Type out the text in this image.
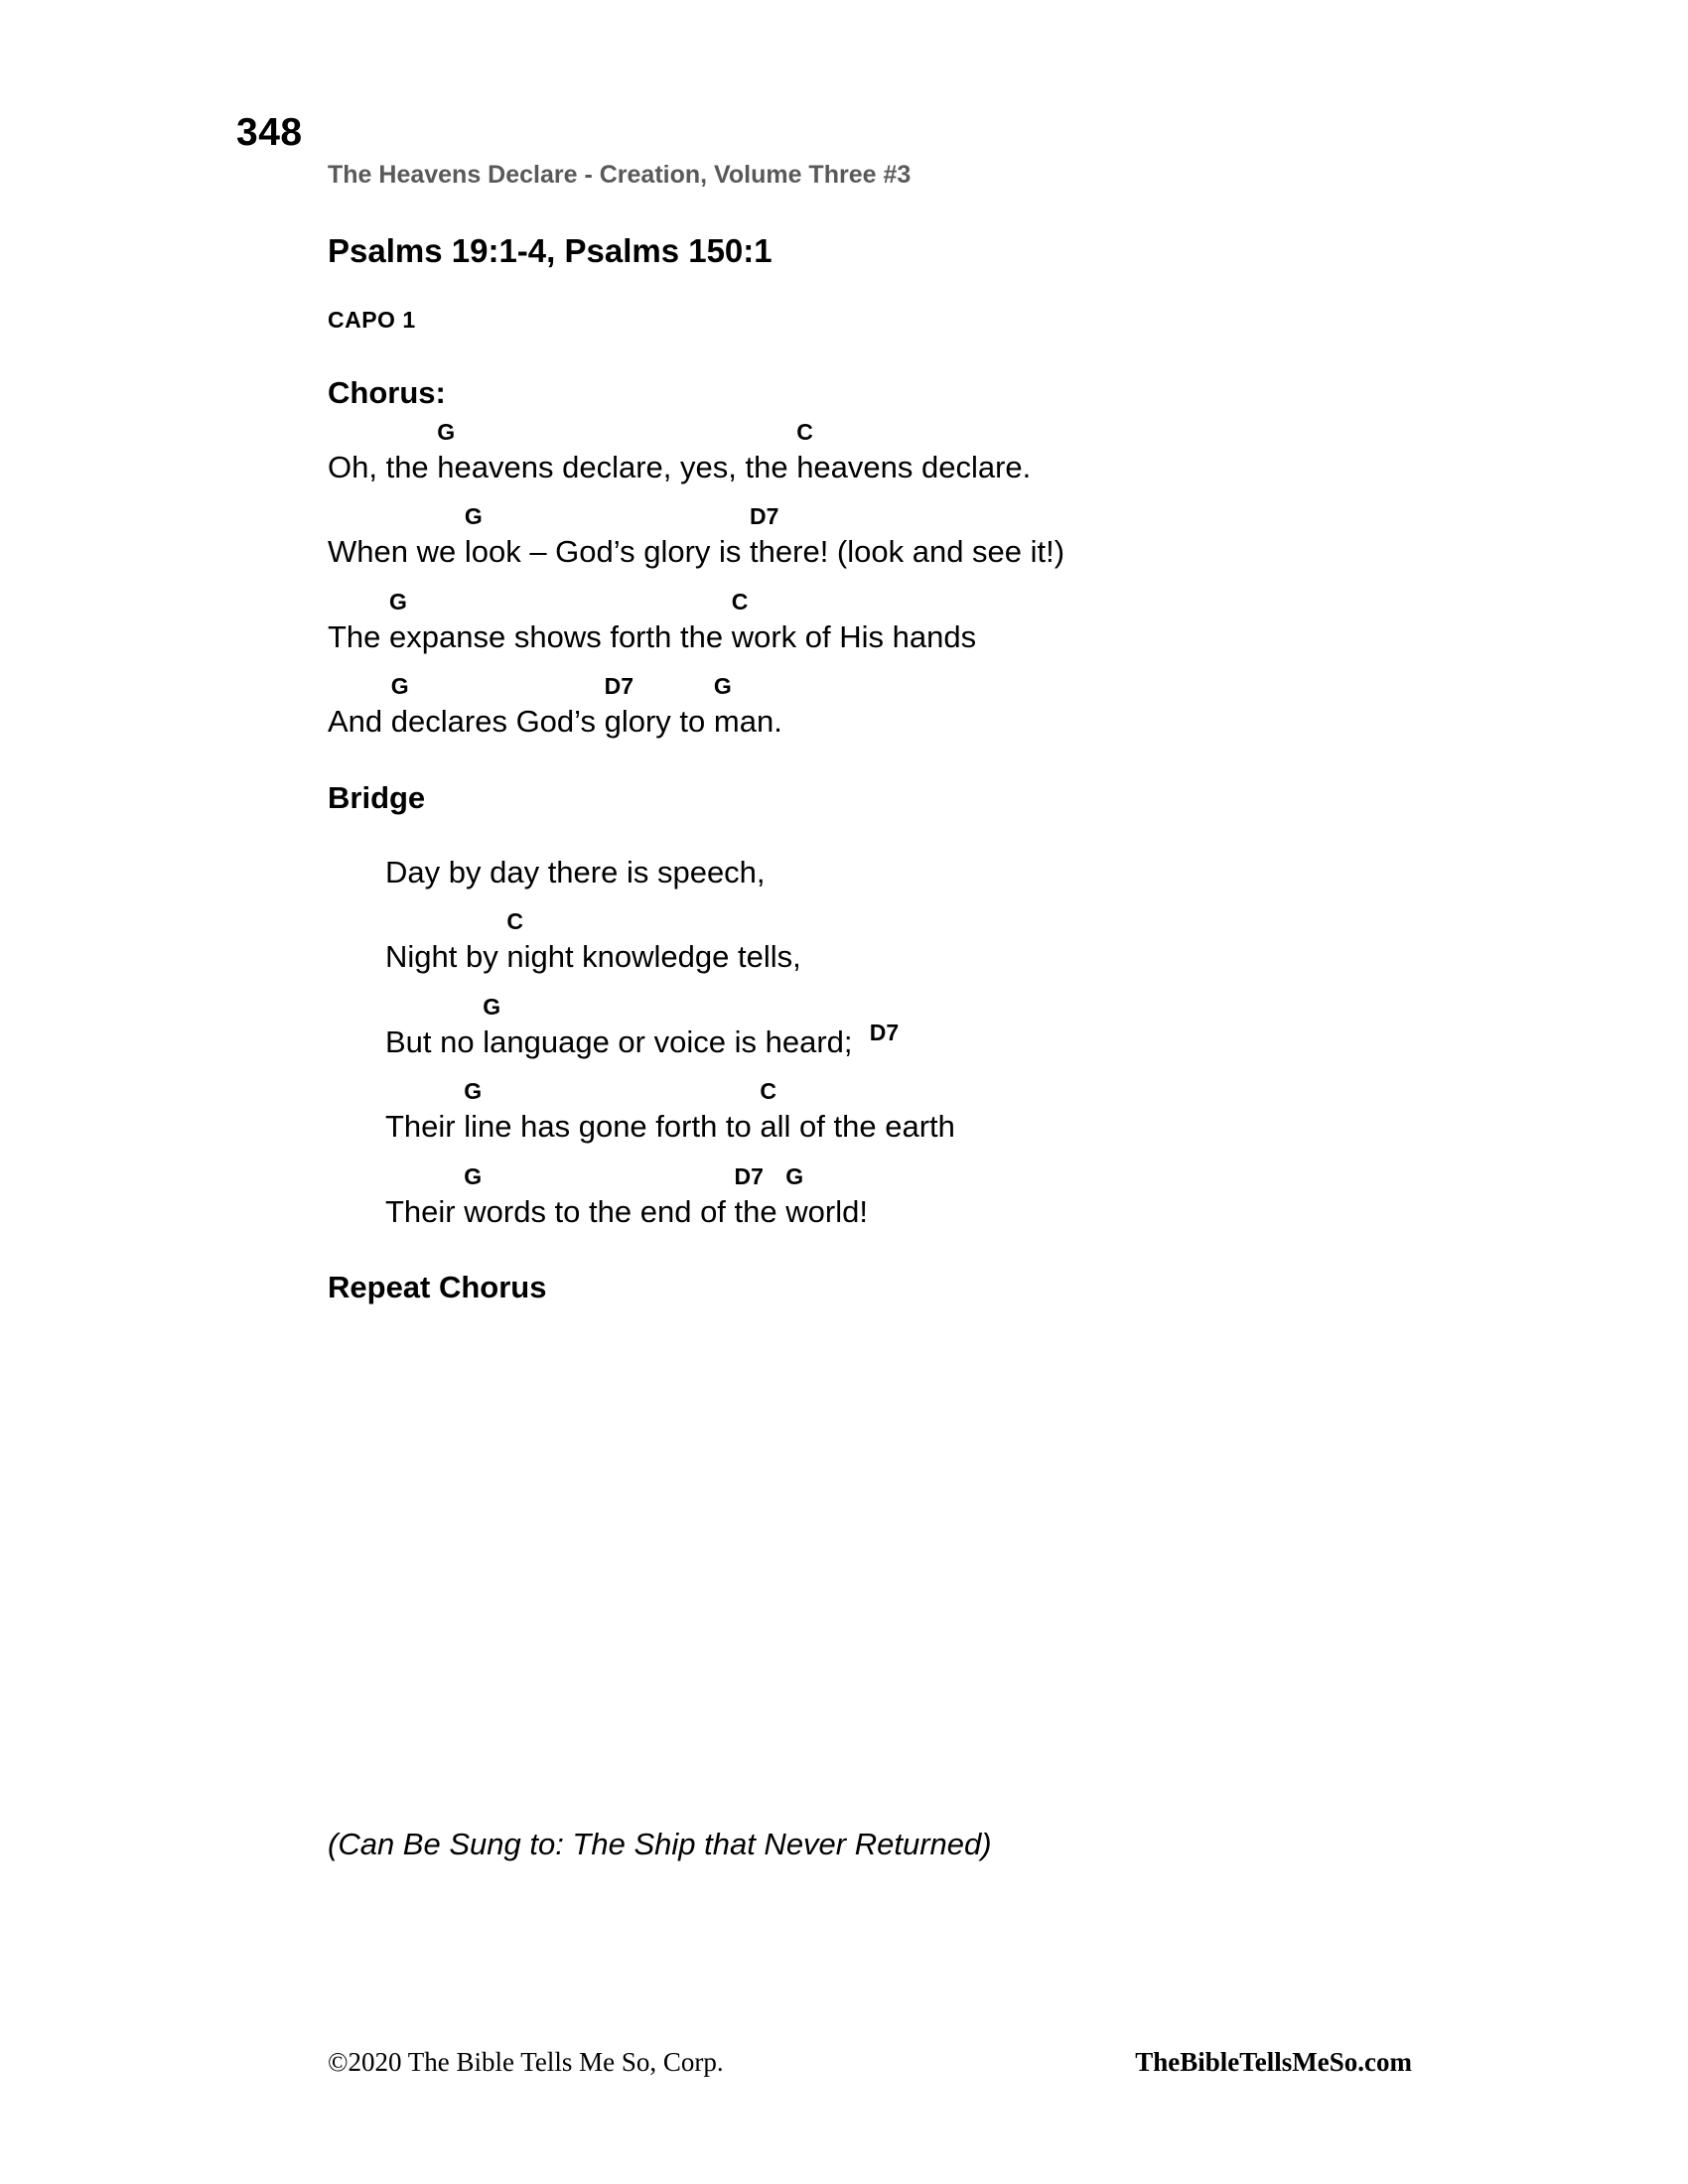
348
The Heavens Declare - Creation, Volume Three #3
Psalms 19:1-4, Psalms 150:1
CAPO 1
Chorus:
Oh, the
G
heavens declare, yes, the
C
heavens declare.
When we
G
look – God’s glory is
D7
there! (look and see it!)
The
G
expanse shows forth the
C
work of His hands
And
G
declares God’s
D7
glory to
G
man.
Bridge
Day by day there is speech,
Night by
C
night knowledge tells,
But no
G
language or voice is heard; D7
Their
G
line has gone forth to
C
all of the earth
Their
G
words to the end of
D7
the
G
world!
Repeat Chorus
(Can Be Sung to: The Ship that Never Returned)
©2020 The Bible Tells Me So, Corp.	TheBibleTellsMeSo.com
